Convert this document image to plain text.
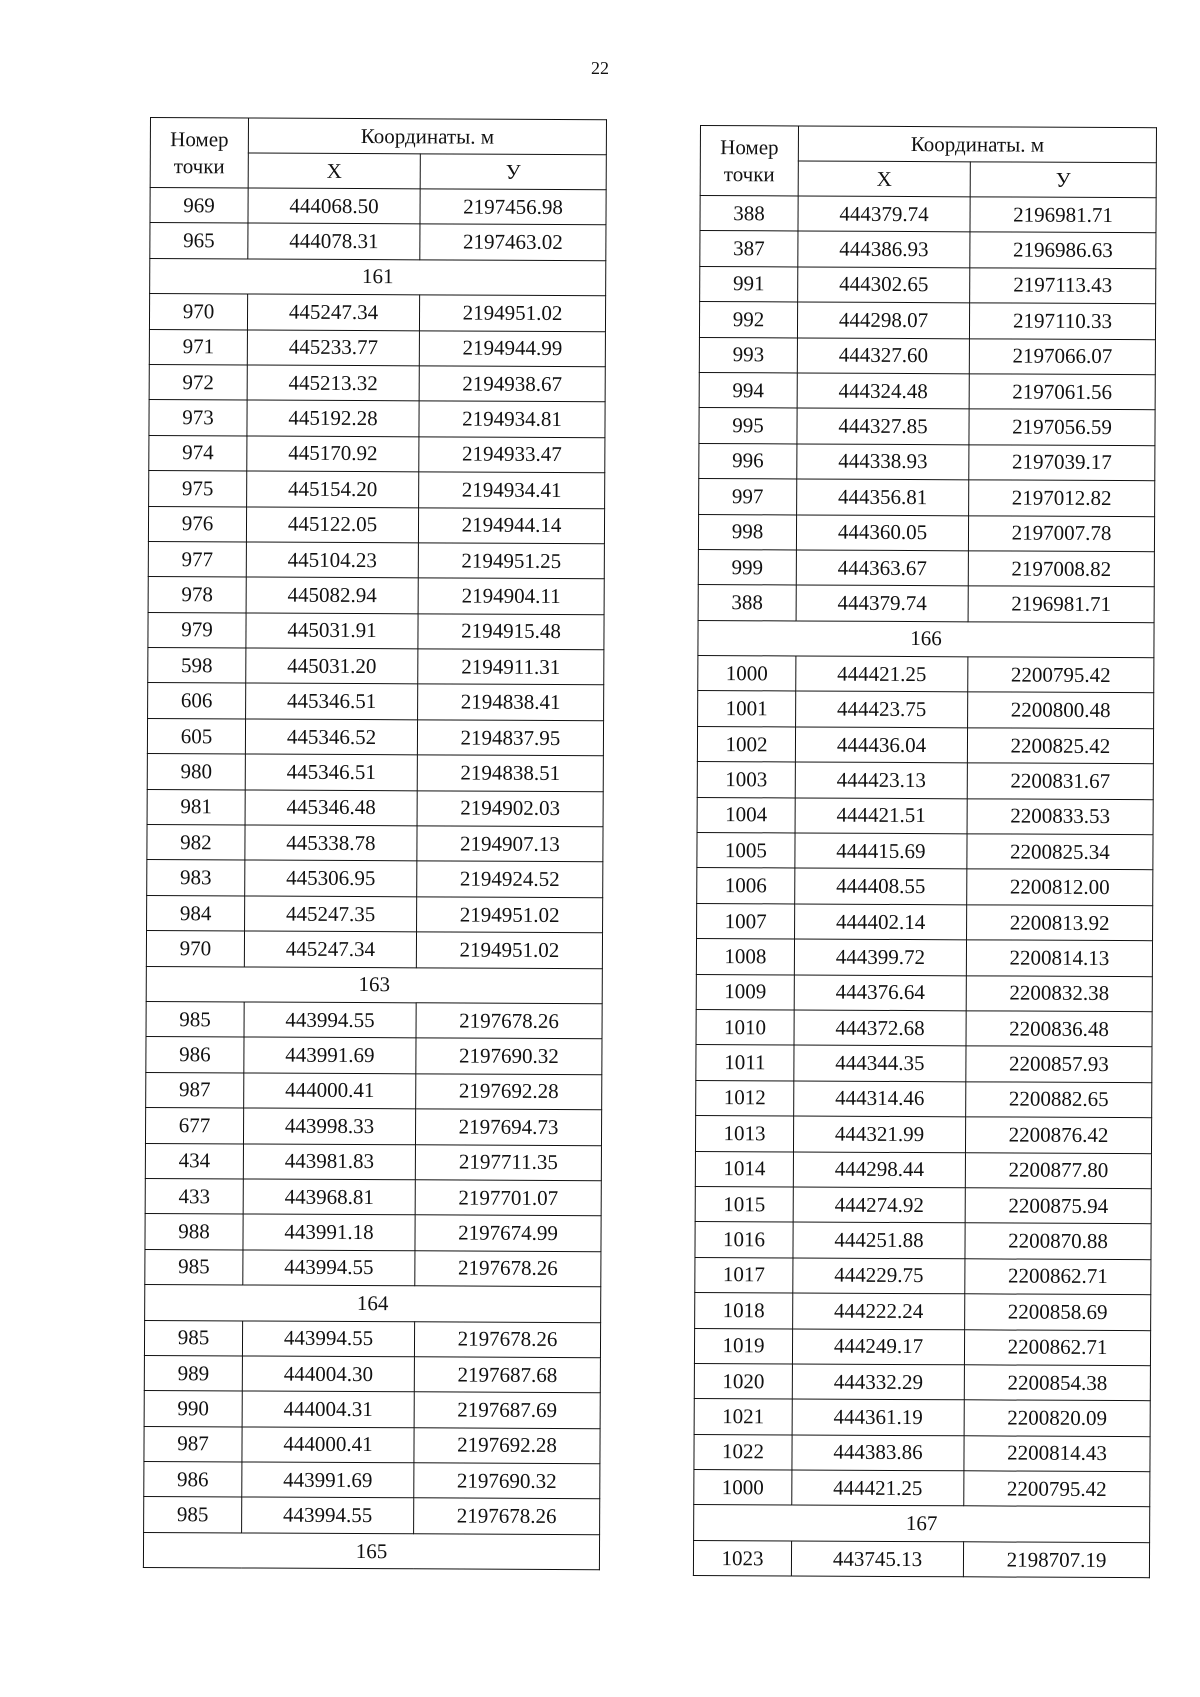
22
Номер точки	Координаты. м	
	X	У
969	444068.50	2197456.98
965	444078.31	2197463.02
161		
970	445247.34	2194951.02
971	445233.77	2194944.99
972	445213.32	2194938.67
973	445192.28	2194934.81
974	445170.92	2194933.47
975	445154.20	2194934.41
976	445122.05	2194944.14
977	445104.23	2194951.25
978	445082.94	2194904.11
979	445031.91	2194915.48
598	445031.20	2194911.31
606	445346.51	2194838.41
605	445346.52	2194837.95
980	445346.51	2194838.51
981	445346.48	2194902.03
982	445338.78	2194907.13
983	445306.95	2194924.52
984	445247.35	2194951.02
970	445247.34	2194951.02
163		
985	443994.55	2197678.26
986	443991.69	2197690.32
987	444000.41	2197692.28
677	443998.33	2197694.73
434	443981.83	2197711.35
433	443968.81	2197701.07
988	443991.18	2197674.99
985	443994.55	2197678.26
164		
985	443994.55	2197678.26
989	444004.30	2197687.68
990	444004.31	2197687.69
987	444000.41	2197692.28
986	443991.69	2197690.32
985	443994.55	2197678.26
165		
Номер точки	Координаты. м	
	X	У
388	444379.74	2196981.71
387	444386.93	2196986.63
991	444302.65	2197113.43
992	444298.07	2197110.33
993	444327.60	2197066.07
994	444324.48	2197061.56
995	444327.85	2197056.59
996	444338.93	2197039.17
997	444356.81	2197012.82
998	444360.05	2197007.78
999	444363.67	2197008.82
388	444379.74	2196981.71
166		
1000	444421.25	2200795.42
1001	444423.75	2200800.48
1002	444436.04	2200825.42
1003	444423.13	2200831.67
1004	444421.51	2200833.53
1005	444415.69	2200825.34
1006	444408.55	2200812.00
1007	444402.14	2200813.92
1008	444399.72	2200814.13
1009	444376.64	2200832.38
1010	444372.68	2200836.48
1011	444344.35	2200857.93
1012	444314.46	2200882.65
1013	444321.99	2200876.42
1014	444298.44	2200877.80
1015	444274.92	2200875.94
1016	444251.88	2200870.88
1017	444229.75	2200862.71
1018	444222.24	2200858.69
1019	444249.17	2200862.71
1020	444332.29	2200854.38
1021	444361.19	2200820.09
1022	444383.86	2200814.43
1000	444421.25	2200795.42
167		
1023	443745.13	2198707.19
